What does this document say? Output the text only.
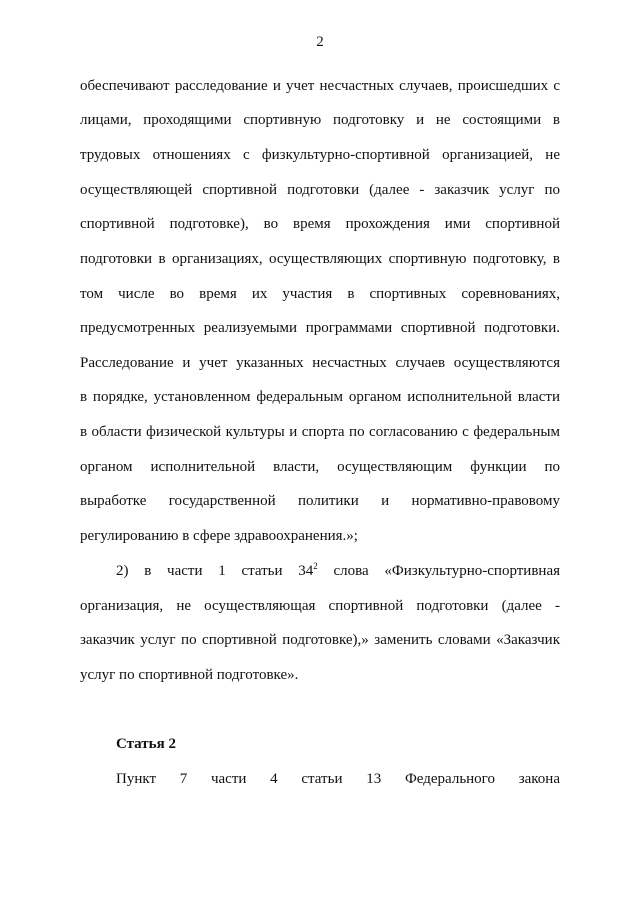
2
обеспечивают расследование и учет несчастных случаев, происшедших с
лицами, проходящими спортивную подготовку и не состоящими в
трудовых отношениях с физкультурно-спортивной организацией, не
осуществляющей спортивной подготовки (далее - заказчик услуг по
спортивной подготовке), во время прохождения ими спортивной
подготовки в организациях, осуществляющих спортивную подготовку, в
том числе во время их участия в спортивных соревнованиях,
предусмотренных реализуемыми программами спортивной подготовки.
Расследование и учет указанных несчастных случаев осуществляются
в порядке, установленном федеральным органом исполнительной власти
в области физической культуры и спорта по согласованию с федеральным
органом исполнительной власти, осуществляющим функции по
выработке государственной политики и нормативно-правовому
регулированию в сфере здравоохранения.»;
2) в части 1 статьи $34^2$ слова «Физкультурно-спортивная
организация, не осуществляющая спортивной подготовки (далее -
заказчик услуг по спортивной подготовке),» заменить словами «Заказчик
услуг по спортивной подготовке».
Статья 2
Пункт 7 части 4 статьи 13 Федерального закона
